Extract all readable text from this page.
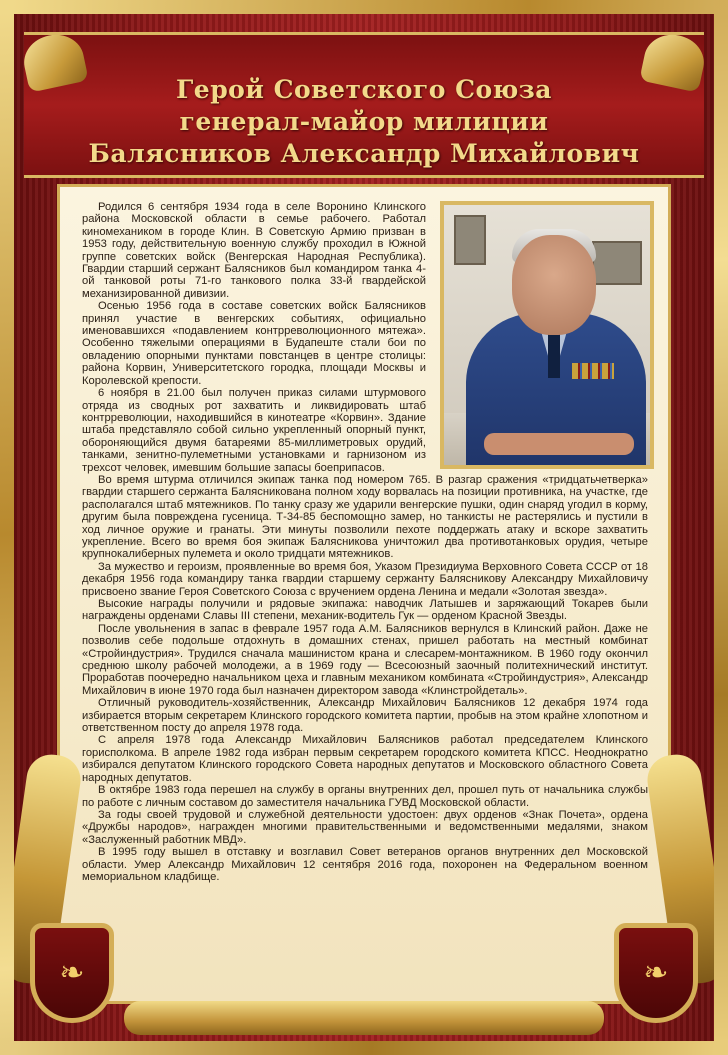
Герой Советского Союза
генерал-майор милиции
Балясников Александр Михайлович

Родился 6 сентября 1934 года в селе Воронино Клинского района Московской области в семье рабочего. Работал киномехаником в городе Клин. В Советскую Армию призван в 1953 году, действительную военную службу проходил в Южной группе советских войск (Венгерская Народная Республика). Гвардии старший сержант Балясников был командиром танка 4-ой танковой роты 71-го танкового полка 33-й гвардейской механизированной дивизии.

Осенью 1956 года в составе советских войск Балясников принял участие в венгерских событиях, официально именовавшихся «подавлением контрреволюционного мятежа». Особенно тяжелыми операциями в Будапеште стали бои по овладению опорными пунктами повстанцев в центре столицы: района Корвин, Университетского городка, площади Москвы и Королевской крепости.

6 ноября в 21.00 был получен приказ силами штурмового отряда из сводных рот захватить и ликвидировать штаб контрреволюции, находившийся в кинотеатре «Корвин». Здание штаба представляло собой сильно укрепленный опорный пункт, обороняющийся двумя батареями 85-миллиметровых орудий, танками, зенитно-пулеметными установками и гарнизоном из трехсот человек, имевшим большие запасы боеприпасов.

Во время штурма отличился экипаж танка под номером 765. В разгар сражения «тридцатьчетверка» гвардии старшего сержанта Балясникована полном ходу ворвалась на позиции противника, на участке, где располагался штаб мятежников. По танку сразу же ударили венгерские пушки, один снаряд угодил в корму, другим была повреждена гусеница. Т-34-85 беспомощно замер, но танкисты не растерялись и пустили в ход личное оружие и гранаты. Эти минуты позволили пехоте поддержать атаку и вскоре захватить укрепление. Всего во время боя экипаж Балясникова уничтожил два противотанковых орудия, четыре крупнокалиберных пулемета и около тридцати мятежников.

За мужество и героизм, проявленные во время боя, Указом Президиума Верховного Совета СССР от 18 декабря 1956 года командиру танка гвардии старшему сержанту Балясникову Александру Михайловичу присвоено звание Героя Советского Союза с вручением ордена Ленина и медали «Золотая звезда».

Высокие награды получили и рядовые экипажа: наводчик Латышев и заряжающий Токарев были награждены орденами Славы III степени, механик-водитель Гук — орденом Красной Звезды.

После увольнения в запас в феврале 1957 года А.М. Балясников вернулся в Клинский район. Даже не позволив себе подольше отдохнуть в домашних стенах, пришел работать на местный комбинат «Стройиндустрия». Трудился сначала машинистом крана и слесарем-монтажником. В 1960 году окончил среднюю школу рабочей молодежи, а в 1969 году — Всесоюзный заочный политехнический институт. Проработав поочередно начальником цеха и главным механиком комбината «Стройиндустрия», Александр Михайлович в июне 1970 года был назначен директором завода «Клинстройдеталь».

Отличный руководитель-хозяйственник, Александр Михайлович Балясников 12 декабря 1974 года избирается вторым секретарем Клинского городского комитета партии, пробыв на этом крайне хлопотном и ответственном посту до апреля 1978 года.

С апреля 1978 года Александр Михайлович Балясников работал председателем Клинского горисполкома. В апреле 1982 года избран первым секретарем городского комитета КПСС. Неоднократно избирался депутатом Клинского городского Совета народных депутатов и Московского областного Совета народных депутатов.

В октябре 1983 года перешел на службу в органы внутренних дел, прошел путь от начальника службы по работе с личным составом до заместителя начальника ГУВД Московской области.

За годы своей трудовой и служебной деятельности удостоен: двух орденов «Знак Почета», ордена «Дружбы народов», награжден многими правительственными и ведомственными медалями, знаком «Заслуженный работник МВД».

В 1995 году вышел в отставку и возглавил Совет ветеранов органов внутренних дел Московской области. Умер Александр Михайлович 12 сентября 2016 года, похоронен на Федеральном военном мемориальном кладбище.

❧	❧
